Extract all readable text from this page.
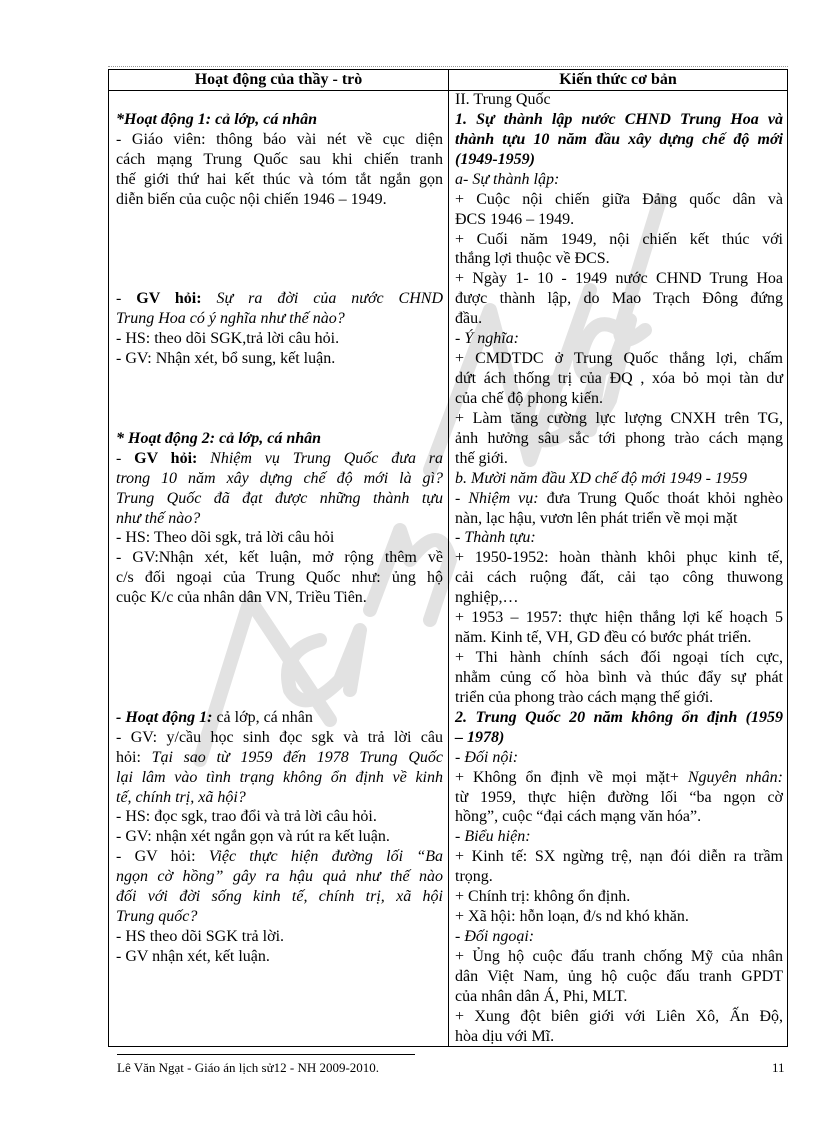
Hoạt động của thầy - trò	Kiến thức cơ bản
*Hoạt động 1: cả lớp, cá nhân
- Giáo viên: thông báo vài nét về cục diện
cách mạng Trung Quốc sau khi chiến tranh
thế giới thứ hai kết thúc và tóm tắt ngắn gọn
diễn biến của cuộc nội chiến 1946 – 1949.
- GV hỏi: Sự ra đời của nước CHND
Trung Hoa có ý nghĩa như thế nào?
- HS: theo dõi SGK,trả lời câu hỏi.
- GV: Nhận xét, bổ sung, kết luận.
* Hoạt động 2: cả lớp, cá nhân
- GV hỏi: Nhiệm vụ Trung Quốc đưa ra
trong 10 năm xây dựng chế độ mới là gì?
Trung Quốc đã đạt được những thành tựu
như thế nào?
- HS: Theo dõi sgk, trả lời câu hỏi
- GV:Nhận xét, kết luận, mở rộng thêm về
c/s đối ngoại của Trung Quốc như: ủng hộ
cuộc K/c của nhân dân VN, Triều Tiên.
- Hoạt động 1: cả lớp, cá nhân
- GV: y/cầu học sinh đọc sgk và trả lời câu
hỏi: Tại sao từ 1959 đến 1978 Trung Quốc
lại lâm vào tình trạng không ổn định về kinh
tế, chính trị, xã hội?
- HS: đọc sgk, trao đổi và trả lời câu hỏi.
- GV: nhận xét ngắn gọn và rút ra kết luận.
- GV hỏi: Việc thực hiện đường lối “Ba
ngọn cờ hồng” gây ra hậu quả như thế nào
đối với đời sống kinh tế, chính trị, xã hội
Trung quốc?
- HS theo dõi SGK trả lời.
- GV nhận xét, kết luận.
II. Trung Quốc
1. Sự thành lập nước CHND Trung Hoa và
thành tựu 10 năm đầu xây dựng chế độ mới
(1949-1959)
a- Sự thành lập:
+ Cuộc nội chiến giữa Đảng quốc dân và
ĐCS 1946 – 1949.
+ Cuối năm 1949, nội chiến kết thúc với
thắng lợi thuộc về ĐCS.
+ Ngày 1- 10 - 1949 nước CHND Trung Hoa
được thành lập, do Mao Trạch Đông đứng
đầu.
- Ý nghĩa:
+ CMDTDC ở Trung Quốc thắng lợi, chấm
dứt ách thống trị của ĐQ , xóa bỏ mọi tàn dư
của chế độ phong kiến.
+ Làm tăng cường lực lượng CNXH trên TG,
ảnh hưởng sâu sắc tới phong trào cách mạng
thế giới.
b. Mười năm đầu XD chế độ mới 1949 - 1959
- Nhiệm vụ: đưa Trung Quốc thoát khỏi nghèo
nàn, lạc hậu, vươn lên phát triển về mọi mặt
- Thành tựu:
+ 1950-1952: hoàn thành khôi phục kinh tế,
cải cách ruộng đất, cải tạo công thuwong
nghiệp,…
+ 1953 – 1957: thực hiện thắng lợi kế hoạch 5
năm. Kinh tế, VH, GD đều có bước phát triển.
+ Thi hành chính sách đối ngoại tích cực,
nhằm củng cố hòa bình và thúc đẩy sự phát
triển của phong trào cách mạng thế giới.
2. Trung Quốc 20 năm không ổn định (1959
– 1978)
- Đối nội:
+ Không ổn định về mọi mặt+ Nguyên nhân:
từ 1959, thực hiện đường lối “ba ngọn cờ
hồng”, cuộc “đại cách mạng văn hóa”.
- Biểu hiện:
+ Kinh tế: SX ngừng trệ, nạn đói diễn ra trầm
trọng.
+ Chính trị: không ổn định.
+ Xã hội: hỗn loạn, đ/s nd khó khăn.
- Đối ngoại:
+ Ủng hộ cuộc đấu tranh chống Mỹ của nhân
dân Việt Nam, ủng hộ cuộc đấu tranh GPDT
của nhân dân Á, Phi, MLT.
+ Xung đột biên giới với Liên Xô, Ấn Độ,
hòa dịu với Mĩ.
Lê Văn Ngạt - Giáo án lịch sử12 - NH 2009-2010.	11
